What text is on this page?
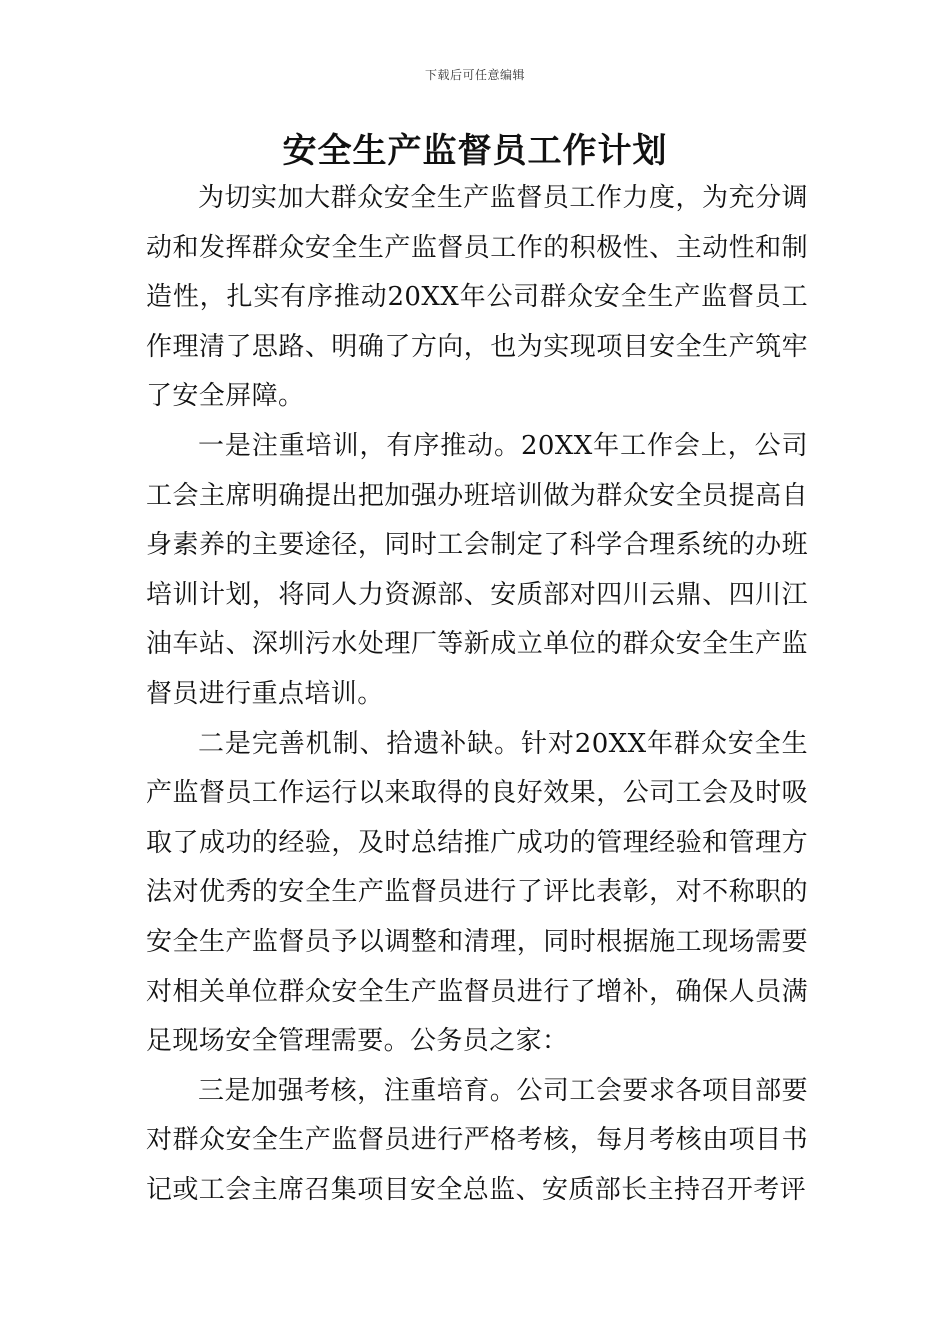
下载后可任意编辑
安全生产监督员工作计划

为切实加大群众安全生产监督员工作力度，为充分调动和发挥群众安全生产监督员工作的积极性、主动性和制造性，扎实有序推动20XX年公司群众安全生产监督员工作理清了思路、明确了方向，也为实现项目安全生产筑牢了安全屏障。

一是注重培训，有序推动。20XX年工作会上，公司工会主席明确提出把加强办班培训做为群众安全员提高自身素养的主要途径，同时工会制定了科学合理系统的办班培训计划，将同人力资源部、安质部对四川云鼎、四川江油车站、深圳污水处理厂等新成立单位的群众安全生产监督员进行重点培训。

二是完善机制、拾遗补缺。针对20XX年群众安全生产监督员工作运行以来取得的良好效果，公司工会及时吸取了成功的经验，及时总结推广成功的管理经验和管理方法对优秀的安全生产监督员进行了评比表彰，对不称职的安全生产监督员予以调整和清理，同时根据施工现场需要对相关单位群众安全生产监督员进行了增补，确保人员满足现场安全管理需要。公务员之家：

三是加强考核，注重培育。公司工会要求各项目部要对群众安全生产监督员进行严格考核，每月考核由项目书记或工会主席召集项目安全总监、安质部长主持召开考评
